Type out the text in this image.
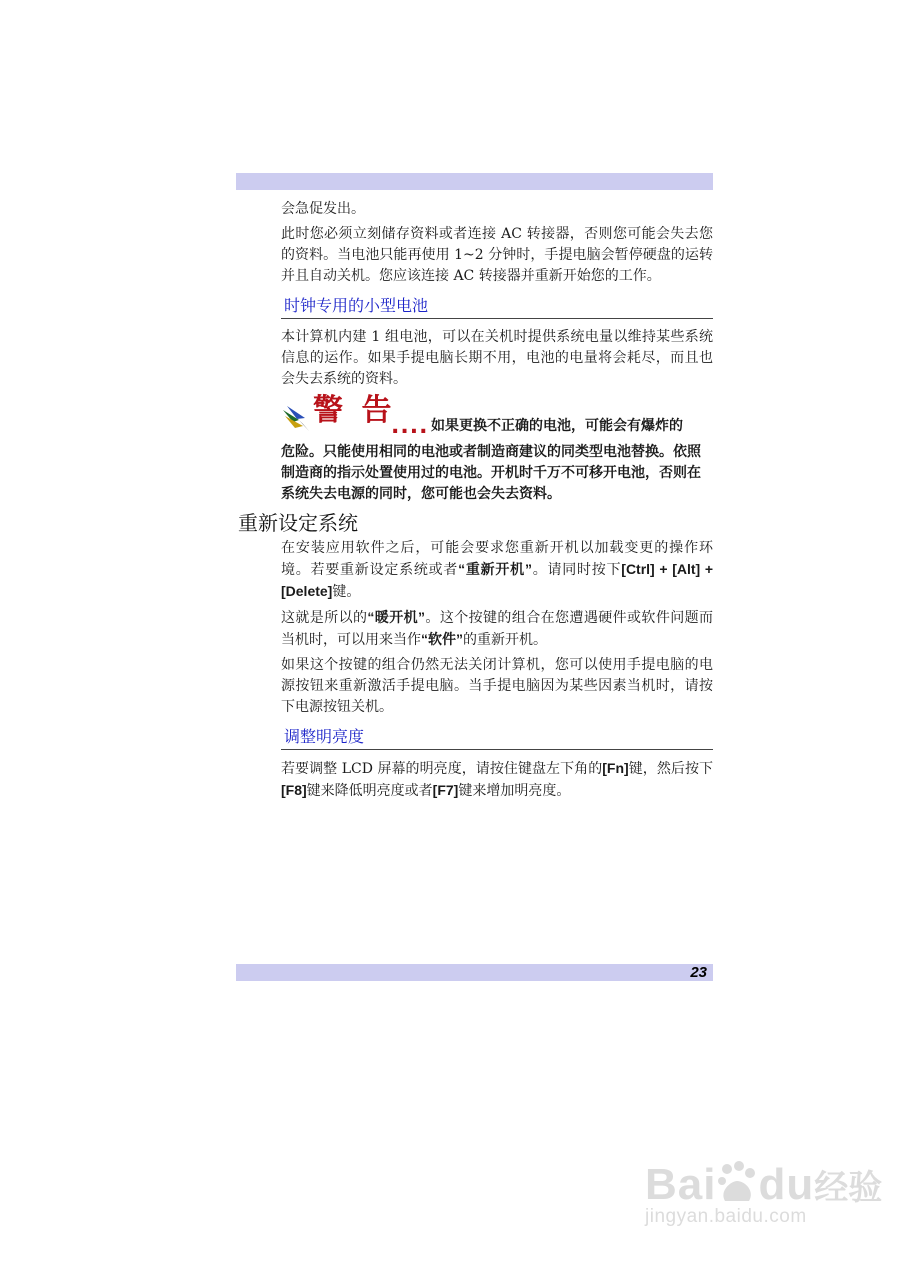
会急促发出。

此时您必须立刻储存资料或者连接 AC 转接器，否则您可能会失去您的资料。当电池只能再使用 1~2 分钟时，手提电脑会暂停硬盘的运转并且自动关机。您应该连接 AC 转接器并重新开始您的工作。

时钟专用的小型电池

本计算机内建 1 组电池，可以在关机时提供系统电量以维持某些系统信息的运作。如果手提电脑长期不用，电池的电量将会耗尽，而且也会失去系统的资料。

警 告
.... 如果更换不正确的电池，可能会有爆炸的
危险。只能使用相同的电池或者制造商建议的同类型电池替换。依照制造商的指示处置使用过的电池。开机时千万不可移开电池，否则在系统失去电源的同时，您可能也会失去资料。
重新设定系统

在安装应用软件之后，可能会要求您重新开机以加载变更的操作环境。若要重新设定系统或者“重新开机”。请同时按下[Ctrl] + [Alt] + [Delete]键。

这就是所以的“暖开机”。这个按键的组合在您遭遇硬件或软件问题而当机时，可以用来当作“软件”的重新开机。

如果这个按键的组合仍然无法关闭计算机，您可以使用手提电脑的电源按钮来重新激活手提电脑。当手提电脑因为某些因素当机时，请按下电源按钮关机。

调整明亮度

若要调整 LCD 屏幕的明亮度，请按住键盘左下角的[Fn]键，然后按下[F8]键来降低明亮度或者[F7]键来增加明亮度。

23
Bai du经验
jingyan.baidu.com
